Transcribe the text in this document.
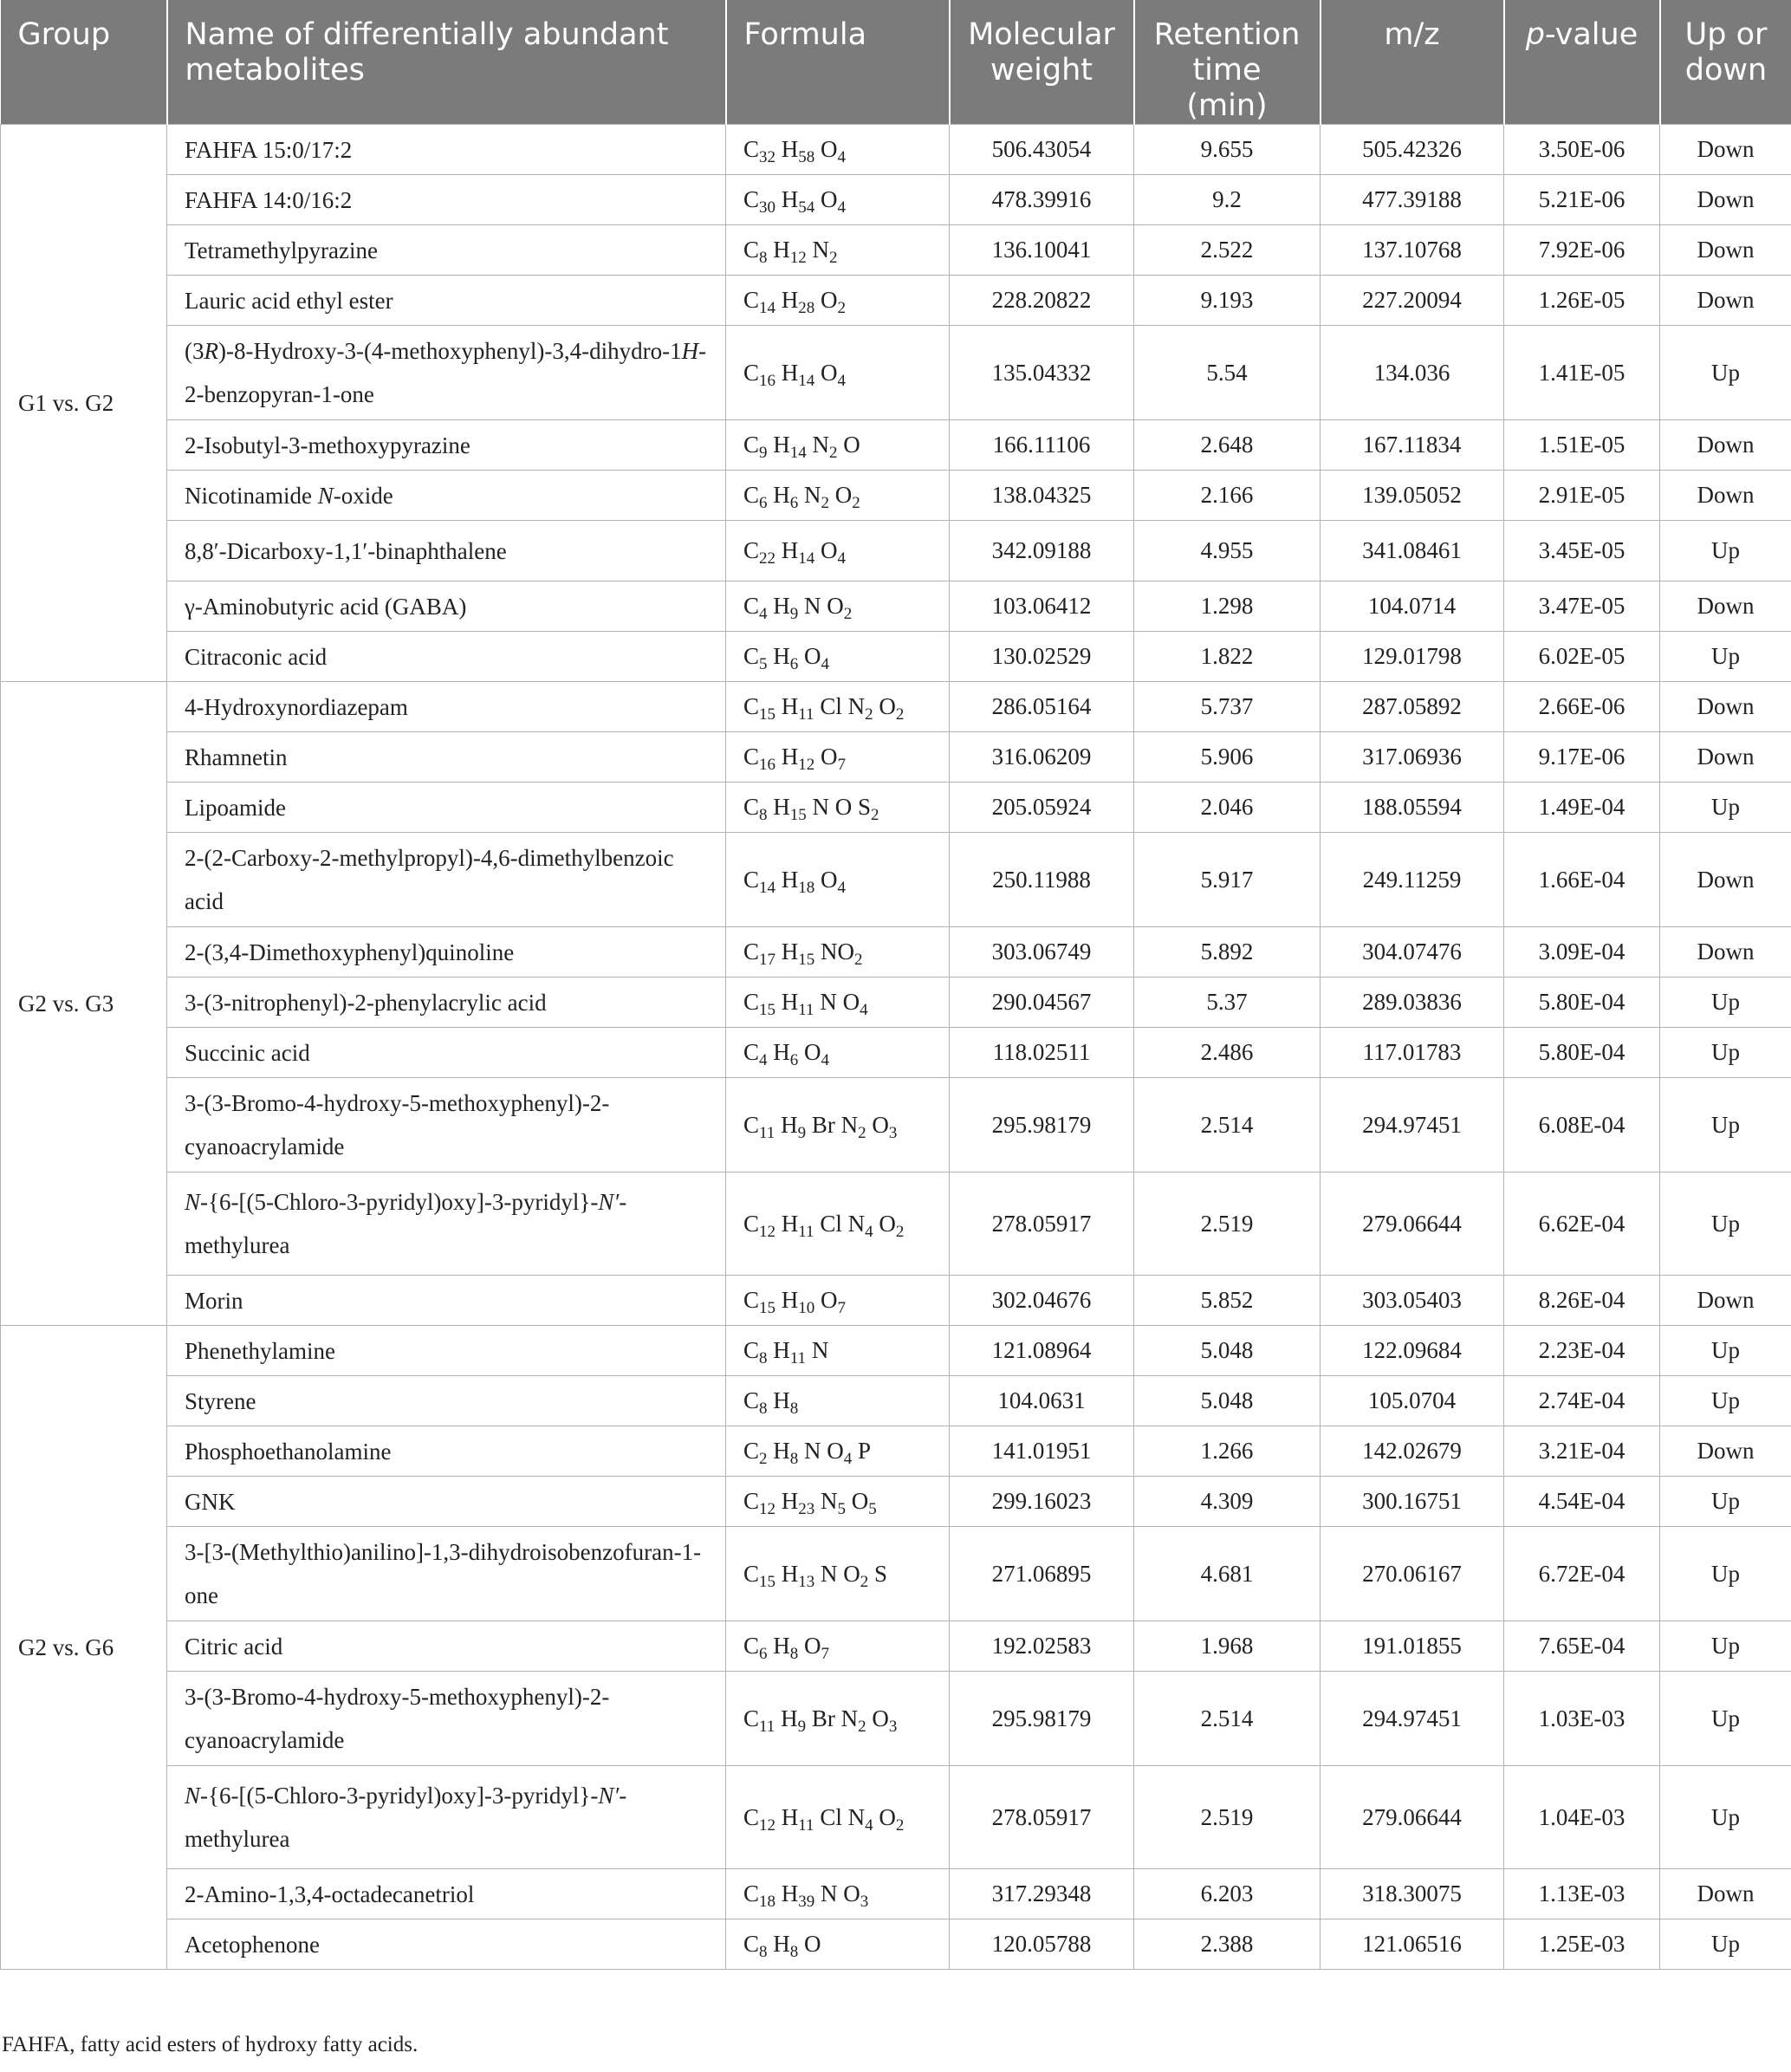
Group	Name of differentially abundant metabolites	Formula	Molecular weight	Retention time (min)	m/z	p-value	Up or down
G1 vs. G2	FAHFA 15:0/17:2	$C_{32}$ $H_{58}$ $O_4$	506.43054	9.655	505.42326	3.50E-06	Down
	FAHFA 14:0/16:2	$C_{30}$ $H_{54}$ $O_4$	478.39916	9.2	477.39188	5.21E-06	Down
	Tetramethylpyrazine	$C_8$ $H_{12}$ $N_2$	136.10041	2.522	137.10768	7.92E-06	Down
	Lauric acid ethyl ester	$C_{14}$ $H_{28}$ $O_2$	228.20822	9.193	227.20094	1.26E-05	Down
	(3R)-8-Hydroxy-3-(4-methoxyphenyl)-3,4-dihydro-1H-2-benzopyran-1-one	$C_{16}$ $H_{14}$ $O_4$	135.04332	5.54	134.036	1.41E-05	Up
	2-Isobutyl-3-methoxypyrazine	$C_9$ $H_{14}$ $N_2$ O	166.11106	2.648	167.11834	1.51E-05	Down
	Nicotinamide N-oxide	$C_6$ $H_6$ $N_2$ $O_2$	138.04325	2.166	139.05052	2.91E-05	Down
	8,8′-Dicarboxy-1,1′-binaphthalene	$C_{22}$ $H_{14}$ $O_4$	342.09188	4.955	341.08461	3.45E-05	Up
	γ-Aminobutyric acid (GABA)	$C_4$ $H_9$ N $O_2$	103.06412	1.298	104.0714	3.47E-05	Down
	Citraconic acid	$C_5$ $H_6$ $O_4$	130.02529	1.822	129.01798	6.02E-05	Up
G2 vs. G3	4-Hydroxynordiazepam	$C_{15}$ $H_{11}$ Cl $N_2$ $O_2$	286.05164	5.737	287.05892	2.66E-06	Down
	Rhamnetin	$C_{16}$ $H_{12}$ $O_7$	316.06209	5.906	317.06936	9.17E-06	Down
	Lipoamide	$C_8$ $H_{15}$ N O $S_2$	205.05924	2.046	188.05594	1.49E-04	Up
	2-(2-Carboxy-2-methylpropyl)-4,6-dimethylbenzoic acid	$C_{14}$ $H_{18}$ $O_4$	250.11988	5.917	249.11259	1.66E-04	Down
	2-(3,4-Dimethoxyphenyl)quinoline	$C_{17}$ $H_{15}$ $NO_2$	303.06749	5.892	304.07476	3.09E-04	Down
	3-(3-nitrophenyl)-2-phenylacrylic acid	$C_{15}$ $H_{11}$ N $O_4$	290.04567	5.37	289.03836	5.80E-04	Up
	Succinic acid	$C_4$ $H_6$ $O_4$	118.02511	2.486	117.01783	5.80E-04	Up
	3-(3-Bromo-4-hydroxy-5-methoxyphenyl)-2-cyanoacrylamide	$C_{11}$ $H_9$ Br $N_2$ $O_3$	295.98179	2.514	294.97451	6.08E-04	Up
	N-{6-[(5-Chloro-3-pyridyl)oxy]-3-pyridyl}-N′-methylurea	$C_{12}$ $H_{11}$ Cl $N_4$ $O_2$	278.05917	2.519	279.06644	6.62E-04	Up
	Morin	$C_{15}$ $H_{10}$ $O_7$	302.04676	5.852	303.05403	8.26E-04	Down
G2 vs. G6	Phenethylamine	$C_8$ $H_{11}$ N	121.08964	5.048	122.09684	2.23E-04	Up
	Styrene	$C_8$ $H_8$	104.0631	5.048	105.0704	2.74E-04	Up
	Phosphoethanolamine	$C_2$ $H_8$ N $O_4$ P	141.01951	1.266	142.02679	3.21E-04	Down
	GNK	$C_{12}$ $H_{23}$ $N_5$ $O_5$	299.16023	4.309	300.16751	4.54E-04	Up
	3-[3-(Methylthio)anilino]-1,3-dihydroisobenzofuran-1-one	$C_{15}$ $H_{13}$ N $O_2$ S	271.06895	4.681	270.06167	6.72E-04	Up
	Citric acid	$C_6$ $H_8$ $O_7$	192.02583	1.968	191.01855	7.65E-04	Up
	3-(3-Bromo-4-hydroxy-5-methoxyphenyl)-2-cyanoacrylamide	$C_{11}$ $H_9$ Br $N_2$ $O_3$	295.98179	2.514	294.97451	1.03E-03	Up
	N-{6-[(5-Chloro-3-pyridyl)oxy]-3-pyridyl}-N′-methylurea	$C_{12}$ $H_{11}$ Cl $N_4$ $O_2$	278.05917	2.519	279.06644	1.04E-03	Up
	2-Amino-1,3,4-octadecanetriol	$C_{18}$ $H_{39}$ N $O_3$	317.29348	6.203	318.30075	1.13E-03	Down
	Acetophenone	$C_8$ $H_8$ O	120.05788	2.388	121.06516	1.25E-03	Up
FAHFA, fatty acid esters of hydroxy fatty acids.
